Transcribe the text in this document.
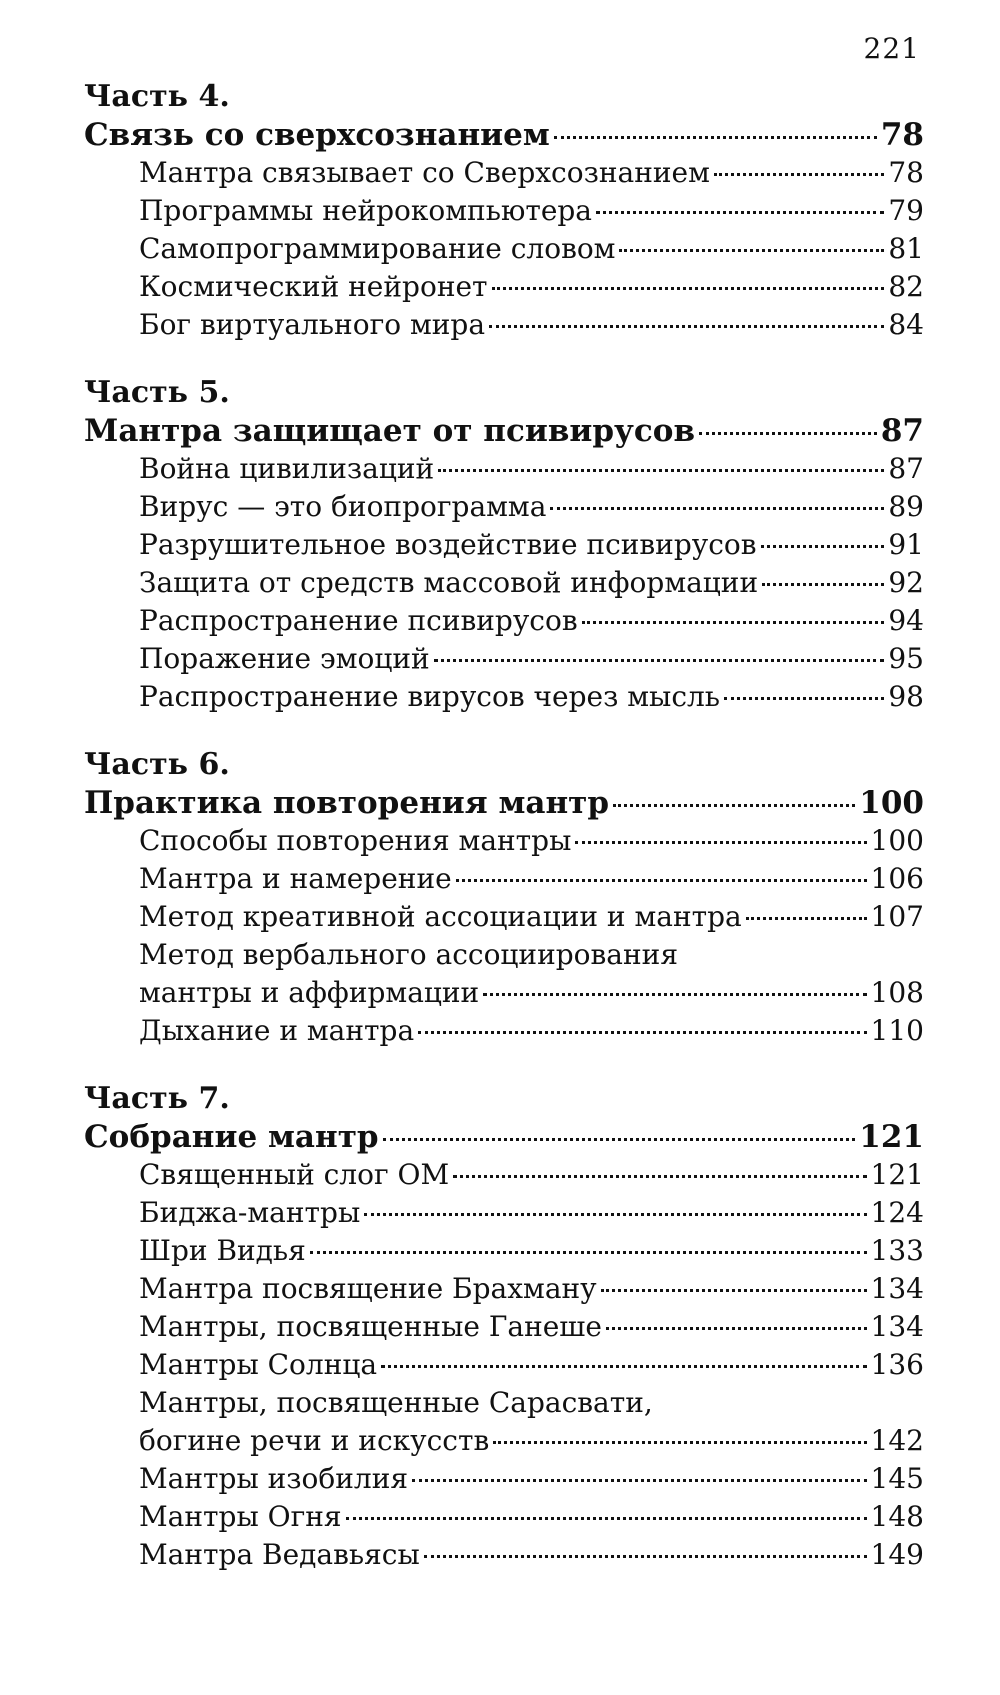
221
Часть 4.
Связь со сверхсознанием	78
Мантра связывает со Сверхсознанием	78
Программы нейрокомпьютера	79
Самопрограммирование словом	81
Космический нейронет	82
Бог виртуального мира	84
Часть 5.
Мантра защищает от псивирусов	87
Война цивилизаций	87
Вирус — это биопрограмма	89
Разрушительное воздействие псивирусов	91
Защита от средств массовой информации	92
Распространение псивирусов	94
Поражение эмоций	95
Распространение вирусов через мысль	98
Часть 6.
Практика повторения мантр	100
Способы повторения мантры	100
Мантра и намерение	106
Метод креативной ассоциации и мантра	107
Метод вербального ассоциирования
мантры и аффирмации	108
Дыхание и мантра	110
Часть 7.
Собрание мантр	121
Священный слог ОМ	121
Биджа-мантры	124
Шри Видья	133
Мантра посвящение Брахману	134
Мантры, посвященные Ганеше	134
Мантры Солнца	136
Мантры, посвященные Сарасвати,
богине речи и искусств	142
Мантры изобилия	145
Мантры Огня	148
Мантра Ведавьясы	149
